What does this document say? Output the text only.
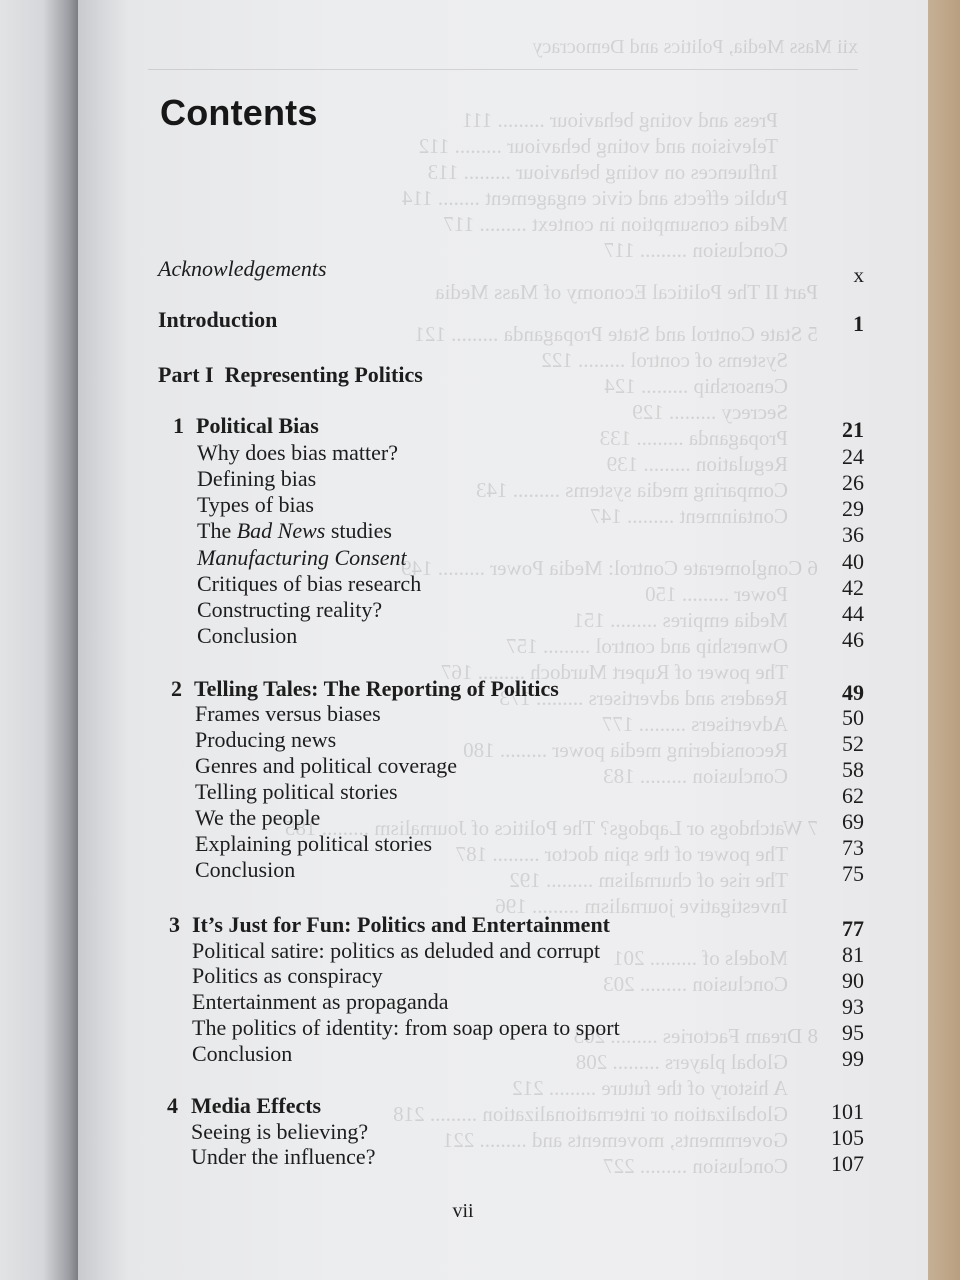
xii Mass Media, Politics and Democracy
Press and voting behaviour ......... 111
Television and voting behaviour ......... 112
Influences on voting behaviour ......... 113
Public effects and civic engagement ........ 114
Media consumption in context ......... 117
Conclusion ......... 117
Part II The Political Economy of Mass Media
5 State Control and State Propaganda ......... 121
Systems of control ......... 122
Censorship ......... 124
Secrecy ......... 129
Propaganda ......... 133
Regulation ......... 139
Comparing media systems ......... 143
Containment ......... 147
6 Conglomerate Control: Media Power ......... 149
Power ......... 150
Media empires ......... 151
Ownership and control ......... 157
The power of Rupert Murdoch ......... 167
Readers and advertisers ......... 173
Advertisers ......... 177
Reconsidering media power ......... 180
Conclusion ......... 183
7 Watchdogs or Lapdogs? The Politics of Journalism ......... 185
The power of the spin doctor ......... 187
The rise of churnalism ......... 192
Investigative journalism ......... 196
Models of ......... 201
Conclusion ......... 203
8 Dream Factories ......... 205
Global players ......... 208
A history of the future ......... 212
Globalization or internationalization ......... 218
Governments, movements and ......... 221
Conclusion ......... 227
Contents
Acknowledgements	x
Introduction	1
Part I  Representing Politics
1 Political Bias	21
Why does bias matter?	24
Defining bias	26
Types of bias	29
The Bad News studies	36
Manufacturing Consent	40
Critiques of bias research	42
Constructing reality?	44
Conclusion	46
2 Telling Tales: The Reporting of Politics	49
Frames versus biases	50
Producing news	52
Genres and political coverage	58
Telling political stories	62
We the people	69
Explaining political stories	73
Conclusion	75
3 It’s Just for Fun: Politics and Entertainment	77
Political satire: politics as deluded and corrupt	81
Politics as conspiracy	90
Entertainment as propaganda	93
The politics of identity: from soap opera to sport	95
Conclusion	99
4 Media Effects	101
Seeing is believing?	105
Under the influence?	107
vii
